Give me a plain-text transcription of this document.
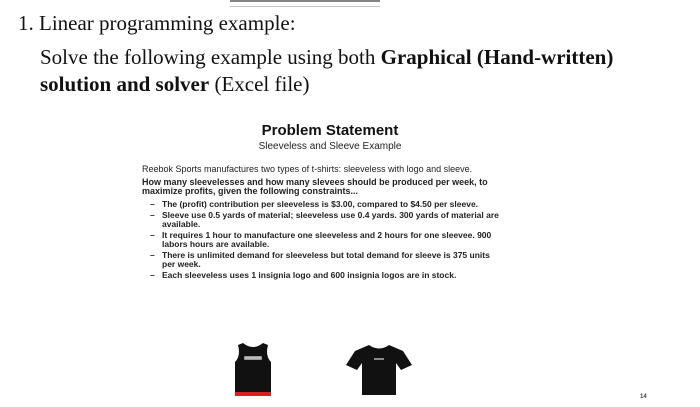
1. Linear programming example:
Solve the following example using both Graphical (Hand-written)
solution and solver (Excel file)
Problem Statement
Sleeveless and Sleeve Example

Reebok Sports manufactures two types of t-shirts: sleeveless with logo and sleeve.

How many sleevelesses and how many slevees should be produced per week, to maximize profits, given the following constraints...

– The (profit) contribution per sleeveless is $3.00, compared to $4.50 per sleeve.
– Sleeve use 0.5 yards of material; sleeveless use 0.4 yards. 300 yards of material are available.
– It requires 1 hour to manufacture one sleeveless and 2 hours for one sleevee. 900 labors hours are available.
– There is unlimited demand for sleeveless but total demand for sleeve is 375 units per week.
– Each sleeveless uses 1 insignia logo and 600 insignia logos are in stock.
14
